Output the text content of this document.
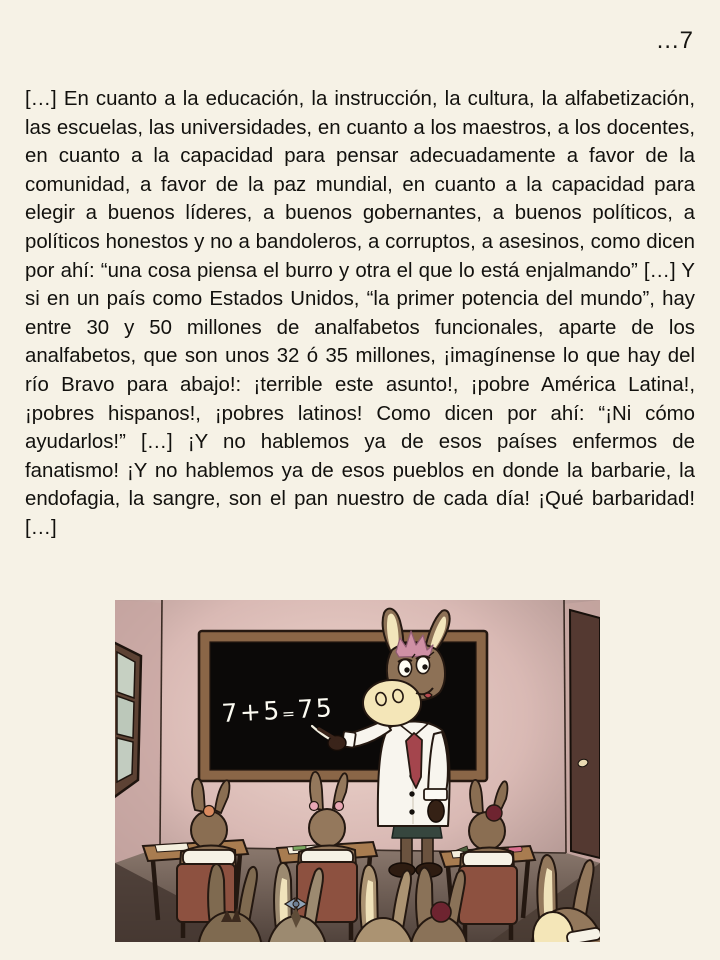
…7
[…] En cuanto a la educación, la instrucción, la cultura, la alfabetización, las escuelas, las universidades, en cuanto a los maestros, a los docentes, en cuanto a la capacidad para pensar adecuadamente a favor de la comunidad, a favor de la paz mundial, en cuanto a la capacidad para elegir a buenos líderes, a buenos gobernantes, a buenos políticos, a políticos honestos y no a bandoleros, a corruptos, a asesinos, como dicen por ahí: “una cosa piensa el burro y otra el que lo está enjalmando” […] Y si en un país como Estados Unidos, “la primer potencia del mundo”, hay entre 30 y 50 millones de analfabetos funcionales, aparte de los analfabetos, que son unos 32 ó 35 millones, ¡imagínense lo que hay del río Bravo para abajo!: ¡terrible este asunto!, ¡pobre América Latina!, ¡pobres hispanos!, ¡pobres latinos! Como dicen por ahí: “¡Ni cómo ayudarlos!” […] ¡Y no hablemos ya de esos países enfermos de fanatismo! ¡Y no hablemos ya de esos pueblos en donde la barbarie, la endofagia, la sangre, son el pan nuestro de cada día! ¡Qué barbaridad! […]
7+5₌75
